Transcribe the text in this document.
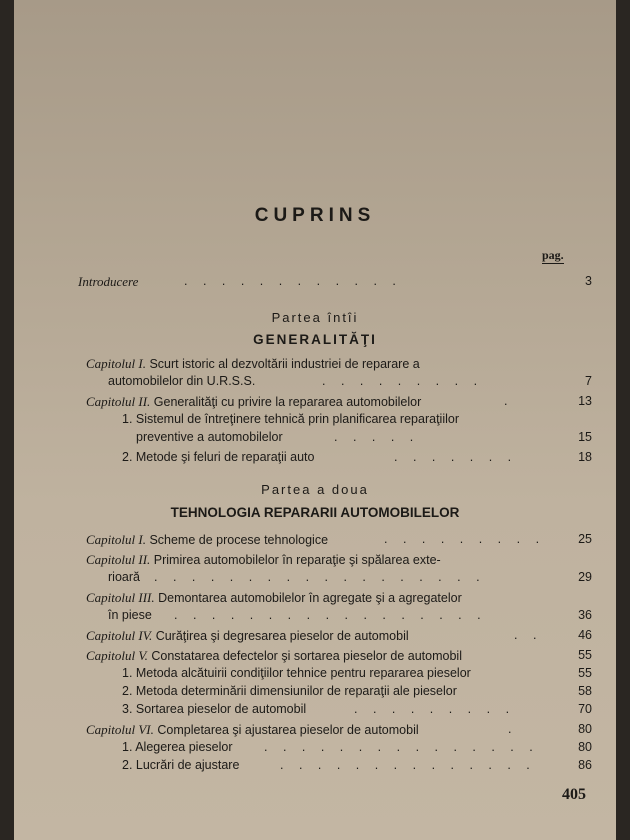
CUPRINS
pag.
Introducere	. . . . . . . . . . . .	3
Partea întîi
GENERALITĂŢI
Capitolul I. Scurt istoric al dezvoltării industriei de reparare a
automobilelor din U.R.S.S.	. . . . . . . . .	7
Capitolul II. Generalităţi cu privire la repararea automobilelor	.	13
1. Sistemul de întreţinere tehnică prin planificarea reparaţiilor
preventive a automobilelor	. . . . .	15
2. Metode şi feluri de reparaţii auto	. . . . . . .	18
Partea a doua
TEHNOLOGIA REPARARII AUTOMOBILELOR
Capitolul I. Scheme de procese tehnologice	. . . . . . . . .	25
Capitolul II. Primirea automobilelor în reparaţie şi spălarea exte-
rioară . . . . . . . . . . . . . . . . . .	29
Capitolul III. Demontarea automobilelor în agregate şi a agregatelor
în piese . . . . . . . . . . . . . . . . .	36
Capitolul IV. Curăţirea şi degresarea pieselor de automobil	. .	46
Capitolul V. Constatarea defectelor şi sortarea pieselor de automobil	55
1. Metoda alcătuirii condiţiilor tehnice pentru repararea pieselor	55
2. Metoda determinării dimensiunilor de reparaţii ale pieselor	58
3. Sortarea pieselor de automobil	. . . . . . . . .	70
Capitolul VI. Completarea şi ajustarea pieselor de automobil	.	80
1. Alegerea pieselor	. . . . . . . . . . . . . . .	80
2. Lucrări de ajustare	. . . . . . . . . . . . . .	86
405
